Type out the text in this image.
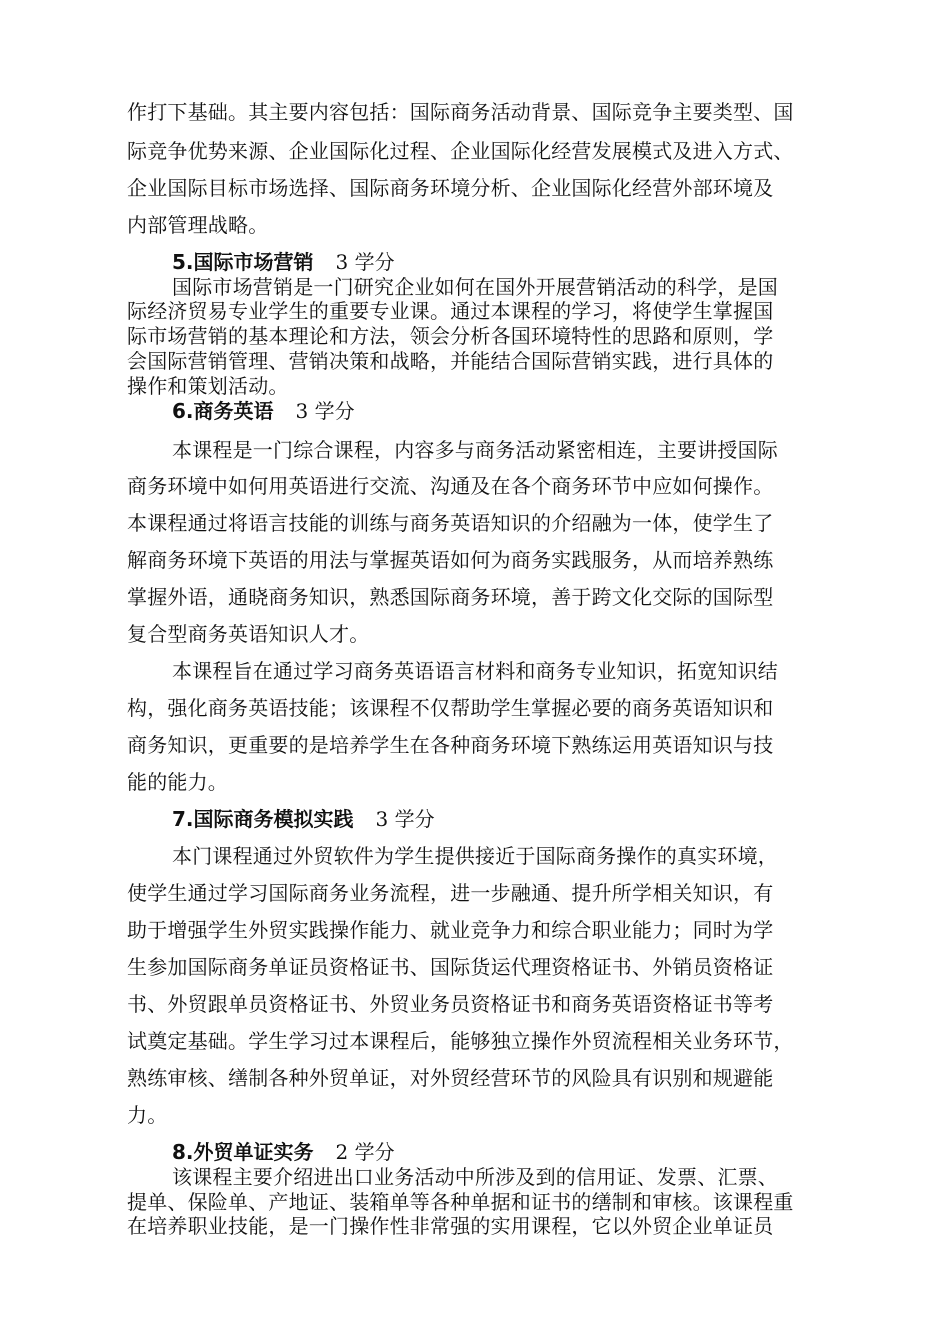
作打下基础。其主要内容包括：国际商务活动背景、国际竞争主要类型、国
际竞争优势来源、企业国际化过程、企业国际化经营发展模式及进入方式、
企业国际目标市场选择、国际商务环境分析、企业国际化经营外部环境及
内部管理战略。
5.国际市场营销 3 学分
国际市场营销是一门研究企业如何在国外开展营销活动的科学，是国
际经济贸易专业学生的重要专业课。通过本课程的学习，将使学生掌握国
际市场营销的基本理论和方法，领会分析各国环境特性的思路和原则，学
会国际营销管理、营销决策和战略，并能结合国际营销实践，进行具体的
操作和策划活动。
6.商务英语 3 学分
本课程是一门综合课程，内容多与商务活动紧密相连，主要讲授国际
商务环境中如何用英语进行交流、沟通及在各个商务环节中应如何操作。
本课程通过将语言技能的训练与商务英语知识的介绍融为一体，使学生了
解商务环境下英语的用法与掌握英语如何为商务实践服务，从而培养熟练
掌握外语，通晓商务知识，熟悉国际商务环境，善于跨文化交际的国际型
复合型商务英语知识人才。
本课程旨在通过学习商务英语语言材料和商务专业知识，拓宽知识结
构，强化商务英语技能；该课程不仅帮助学生掌握必要的商务英语知识和
商务知识，更重要的是培养学生在各种商务环境下熟练运用英语知识与技
能的能力。
7.国际商务模拟实践 3 学分
本门课程通过外贸软件为学生提供接近于国际商务操作的真实环境，
使学生通过学习国际商务业务流程，进一步融通、提升所学相关知识，有
助于增强学生外贸实践操作能力、就业竞争力和综合职业能力；同时为学
生参加国际商务单证员资格证书、国际货运代理资格证书、外销员资格证
书、外贸跟单员资格证书、外贸业务员资格证书和商务英语资格证书等考
试奠定基础。学生学习过本课程后，能够独立操作外贸流程相关业务环节，
熟练审核、缮制各种外贸单证，对外贸经营环节的风险具有识别和规避能
力。
8.外贸单证实务 2 学分
该课程主要介绍进出口业务活动中所涉及到的信用证、发票、汇票、
提单、保险单、产地证、装箱单等各种单据和证书的缮制和审核。该课程重
在培养职业技能，是一门操作性非常强的实用课程，它以外贸企业单证员
